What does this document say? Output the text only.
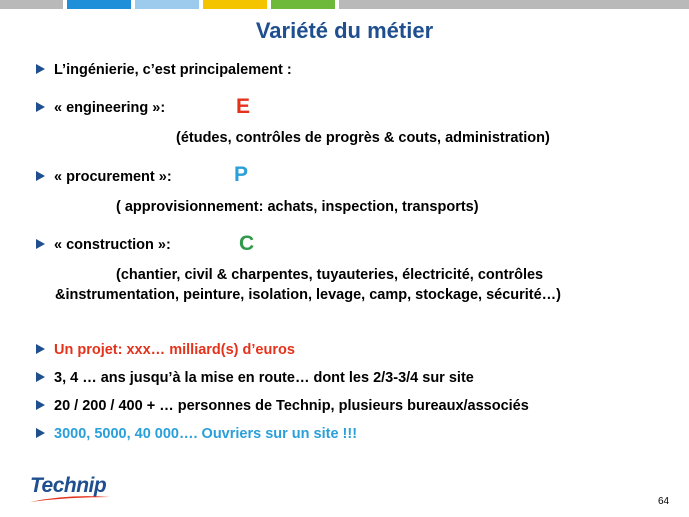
Variété du métier
L’ingénierie, c’est principalement :
« engineering »:	E
(études, contrôles de progrès & couts, administration)
« procurement »:	P
( approvisionnement: achats, inspection, transports)
« construction »:	C
(chantier, civil & charpentes, tuyauteries, électricité, contrôles
&instrumentation, peinture, isolation, levage, camp, stockage, sécurité…)
Un projet: xxx… milliard(s) d’euros
3, 4 … ans jusqu’à la mise en route… dont les 2/3-3/4 sur site
20 / 200 / 400 + … personnes de Technip, plusieurs bureaux/associés
3000, 5000, 40 000…. Ouvriers sur un site !!!
Technip
64
